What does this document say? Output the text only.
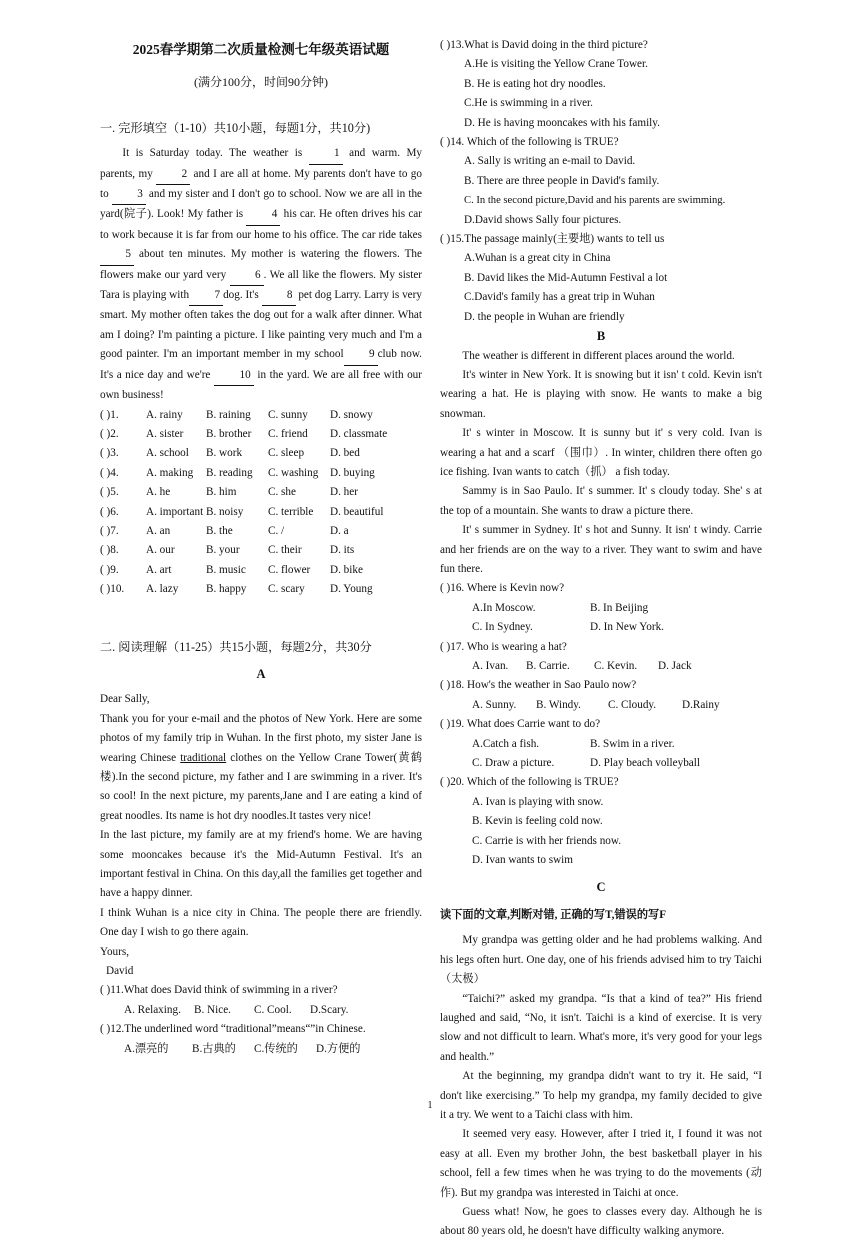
2025春学期第二次质量检测七年级英语试题
(满分100分，时间90分钟)
一. 完形填空（1-10）共10小题，每题1分，共10分)

It is Saturday today. The weather is 1 and warm. My parents, my 2 and I are all at home. My parents don't have to go to 3 and my sister and I don't go to school. Now we are all in the yard(院子). Look! My father is 4 his car. He often drives his car to work because it is far from our home to his office. The car ride takes5 about ten minutes. My mother is watering the flowers. The flowers make our yard very 6 . We all like the flowers. My sister Tara is playing with 7 dog. It's 8 pet dog Larry. Larry is very smart. My mother often takes the dog out for a walk after dinner. What am I doing? I'm painting a picture. I like painting very much and I'm a good painter. I'm an important member in my school 9 club now. It's a nice day and we're 10 in the yard. We are all free with our own business!

( )1.	A. rainy	B. raining	C. sunny	D. snowy
( )2.	A. sister	B. brother	C. friend	D. classmate
( )3.	A. school	B. work	C. sleep	D. bed
( )4.	A. making	B. reading	C. washing	D. buying
( )5.	A. he	B. him	C. she	D. her
( )6.	A. important B. noisy	C. terrible	D. beautiful
( )7.	A. an	B. the	C. /	D. a
( )8.	A. our	B. your	C. their	D. its
( )9.	A. art	B. music	C. flower	D. bike
( )10.	A. lazy	B. happy	C. scary	D. Young
二. 阅读理解（11-25）共15小题，每题2分，共30分
A

Dear Sally,

Thank you for your e-mail and the photos of New York. Here are some photos of my family trip in Wuhan. In the first photo, my sister Jane is wearing Chinese traditional clothes on the Yellow Crane Tower(黄鹤楼).In the second picture, my father and I are swimming in a river. It's so cool! In the next picture, my parents,Jane and I are eating a kind of great noodles. Its name is hot dry noodles.It tastes very nice!

In the last picture, my family are at my friend's home. We are having some mooncakes because it's the Mid-Autumn Festival. It's an important festival in China. On this day,all the families get together and have a happy dinner.

I think Wuhan is a nice city in China. The people there are friendly. One day I wish to go there again.

Yours,

David

( )11.What does David think of swimming in a river?

A. Relaxing.	B. Nice.	C. Cool.	D.Scary.

( )12.The underlined word “traditional”means“”in Chinese.

A.漂亮的	B.古典的	C.传统的	D.方便的

( )13.What is David doing in the third picture?

A.He is visiting the Yellow Crane Tower.

B. He is eating hot dry noodles.

C.He is swimming in a river.

D. He is having mooncakes with his family.

( )14. Which of the following is TRUE?

A. Sally is writing an e-mail to David.

B. There are three people in David's family.

C. In the second picture,David and his parents are swimming.

D.David shows Sally four pictures.

( )15.The passage mainly(主要地) wants to tell us

A.Wuhan is a great city in China

B. David likes the Mid-Autumn Festival a lot

C.David's family has a great trip in Wuhan

D. the people in Wuhan are friendly

B

The weather is different in different places around the world.

It's winter in New York. It is snowing but it isn' t cold. Kevin isn't wearing a hat. He is playing with snow. He wants to make a big snowman.

It' s winter in Moscow. It is sunny but it' s very cold. Ivan is wearing a hat and a scarf （围巾）. In winter, children there often go ice fishing. Ivan wants to catch（抓） a fish today.

Sammy is in Sao Paulo. It' s summer. It' s cloudy today. She' s at the top of a mountain. She wants to draw a picture there.

It' s summer in Sydney. It' s hot and Sunny. It isn' t windy. Carrie and her friends are on the way to a river. They want to swim and have fun there.

( )16. Where is Kevin now?

A.In Moscow.	B. In Beijing
C. In Sydney.	D. In New York.

( )17. Who is wearing a hat?

A. Ivan.	B. Carrie.	C. Kevin.	D. Jack

( )18. How's the weather in Sao Paulo now?

A. Sunny.	B. Windy.	C. Cloudy.	D.Rainy

( )19. What does Carrie want to do?

A.Catch a fish.	B. Swim in a river.
C. Draw a picture.	D. Play beach volleyball

( )20. Which of the following is TRUE?

A. Ivan is playing with snow.

B. Kevin is feeling cold now.

C. Carrie is with her friends now.

D. Ivan wants to swim

C

读下面的文章,判断对错, 正确的写T,错误的写F

My grandpa was getting older and he had problems walking. And his legs often hurt. One day, one of his friends advised him to try Taichi（太极）

“Taichi?” asked my grandpa. “Is that a kind of tea?” His friend laughed and said, “No, it isn't. Taichi is a kind of exercise. It is very slow and not difficult to learn. What's more, it's very good for your legs and health.”

At the beginning, my grandpa didn't want to try it. He said, “I don't like exercising.” To help my grandpa, my family decided to give it a try. We went to a Taichi class with him.

It seemed very easy. However, after I tried it, I found it was not easy at all. Even my brother John, the best basketball player in his school, fell a few times when he was trying to do the movements (动作). But my grandpa was interested in Taichi at once.

Guess what! Now, he goes to classes every day. Although he is about 80 years old, he doesn't have difficulty walking anymore.

1
